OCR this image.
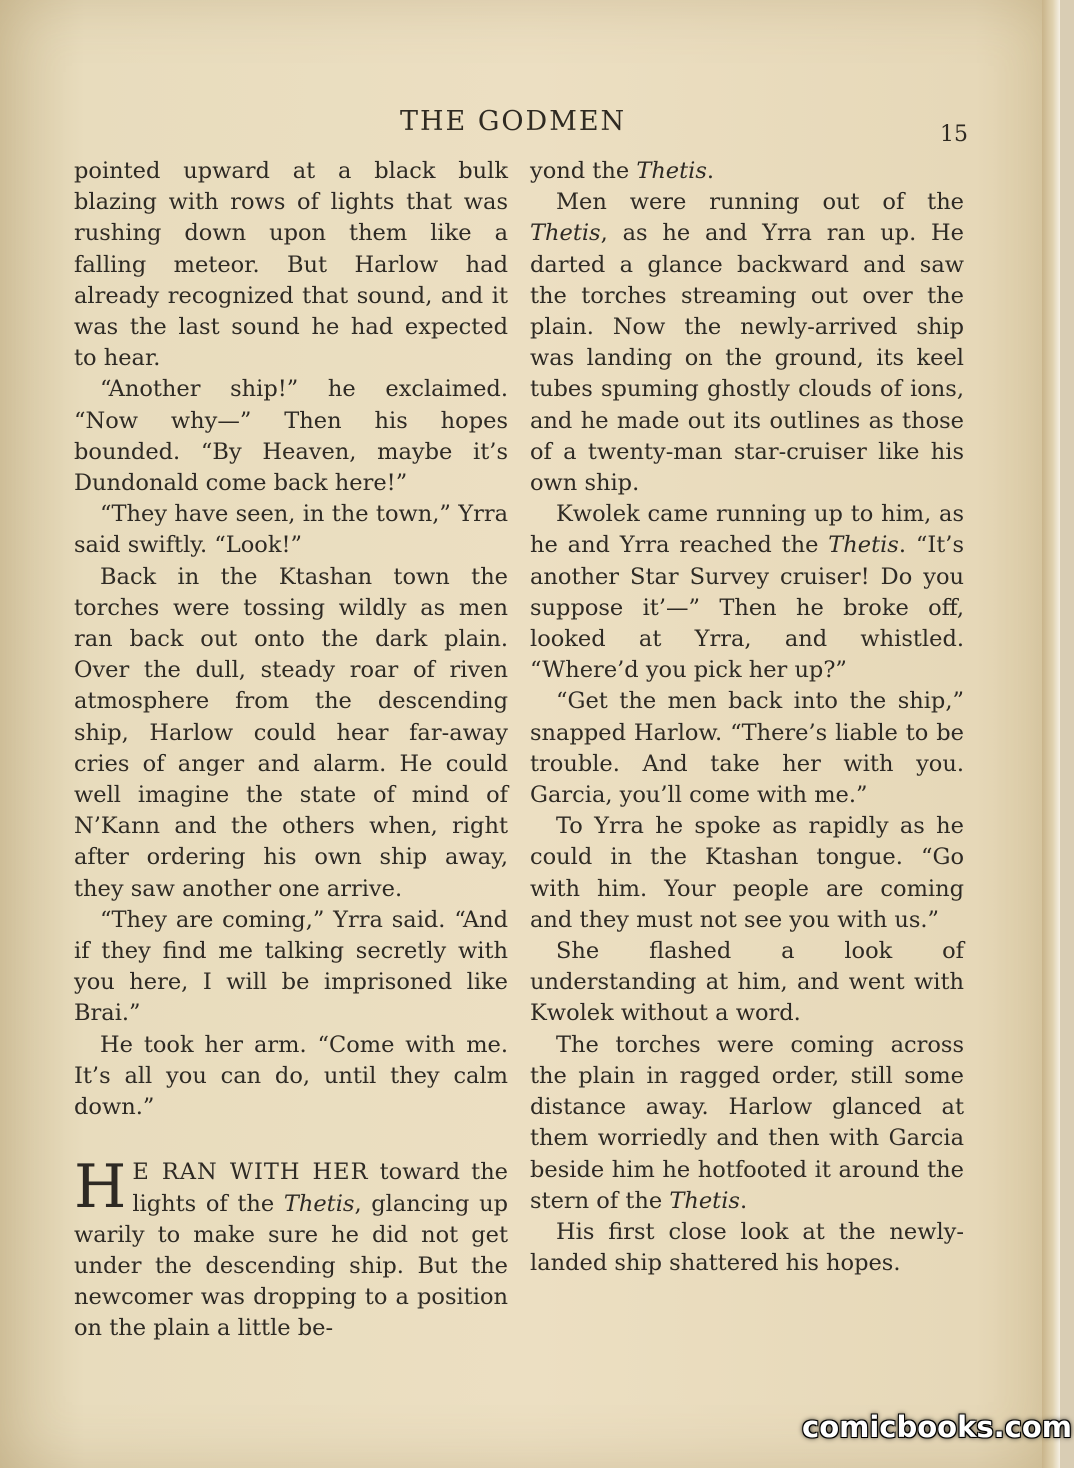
THE GODMEN	15

pointed upward at a black bulk blazing with rows of lights that was rushing down upon them like a falling meteor. But Harlow had already recognized that sound, and it was the last sound he had expected to hear.

“Another ship!” he exclaimed. “Now why—” Then his hopes bounded. “By Heaven, maybe it’s Dundonald come back here!”

“They have seen, in the town,” Yrra said swiftly. “Look!”

Back in the Ktashan town the torches were tossing wildly as men ran back out onto the dark plain. Over the dull, steady roar of riven atmosphere from the descending ship, Harlow could hear far-away cries of anger and alarm. He could well imagine the state of mind of N’Kann and the others when, right after ordering his own ship away, they saw another one arrive.

“They are coming,” Yrra said. “And if they find me talking secretly with you here, I will be imprisoned like Brai.”

He took her arm. “Come with me. It’s all you can do, until they calm down.”

H E RAN WITH HER toward the lights of the Thetis, glancing up warily to make sure he did not get under the descending ship. But the newcomer was dropping to a position on the plain a little be-

yond the Thetis.

Men were running out of the Thetis, as he and Yrra ran up. He darted a glance backward and saw the torches streaming out over the plain. Now the newly-arrived ship was landing on the ground, its keel tubes spuming ghostly clouds of ions, and he made out its outlines as those of a twenty-man star-cruiser like his own ship.

Kwolek came running up to him, as he and Yrra reached the Thetis. “It’s another Star Survey cruiser! Do you suppose it’—” Then he broke off, looked at Yrra, and whistled. “Where’d you pick her up?”

“Get the men back into the ship,” snapped Harlow. “There’s liable to be trouble. And take her with you. Garcia, you’ll come with me.”

To Yrra he spoke as rapidly as he could in the Ktashan tongue. “Go with him. Your people are coming and they must not see you with us.”

She flashed a look of understanding at him, and went with Kwolek without a word.

The torches were coming across the plain in ragged order, still some distance away. Harlow glanced at them worriedly and then with Garcia beside him he hotfooted it around the stern of the Thetis.

His first close look at the newly-landed ship shattered his hopes.

comicbooks.com
